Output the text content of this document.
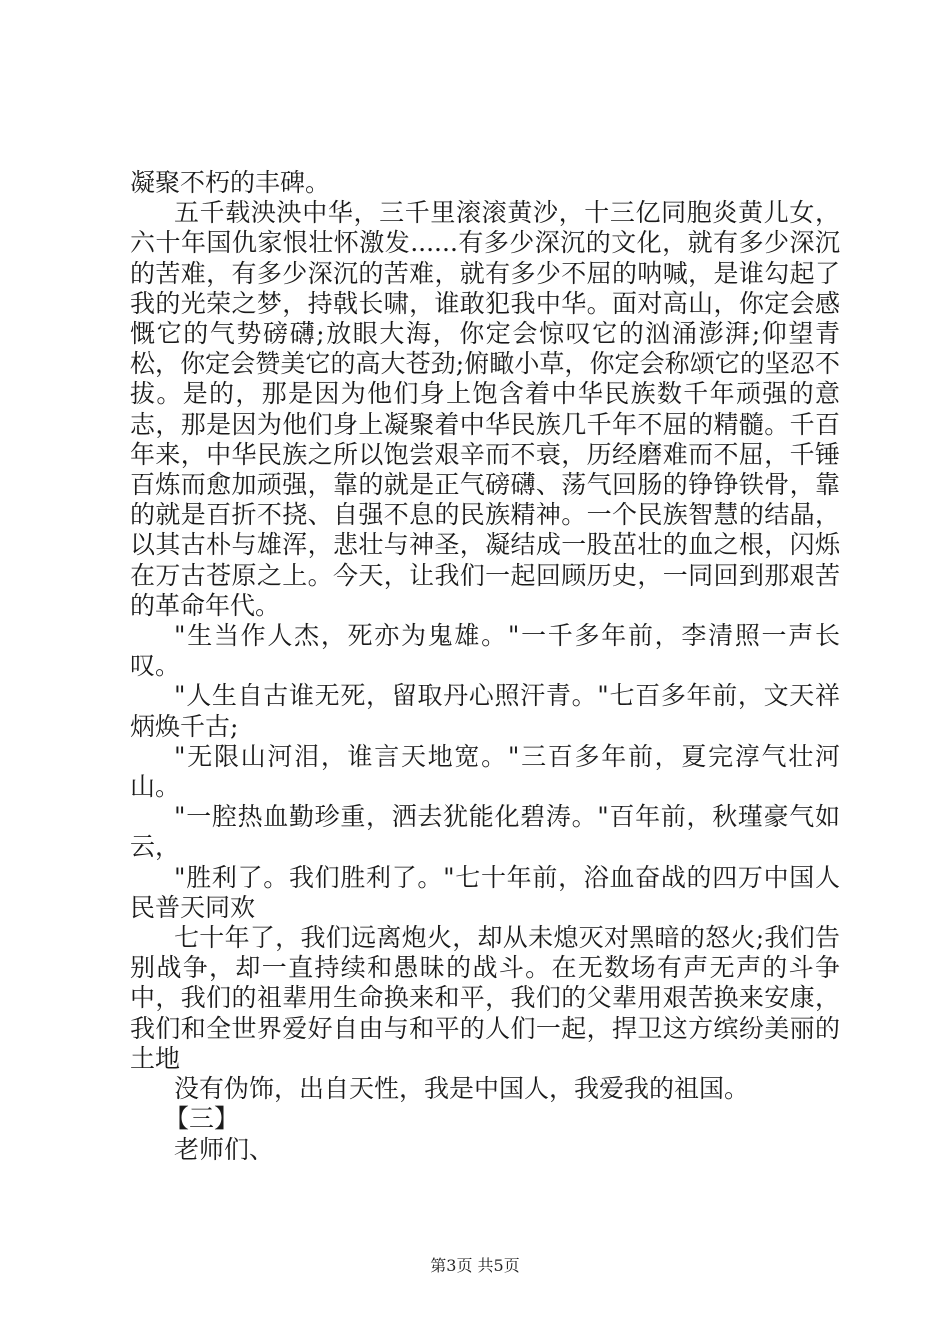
凝聚不朽的丰碑。

五千载泱泱中华，三千里滚滚黄沙，十三亿同胞炎黄儿女，六十年国仇家恨壮怀激发......有多少深沉的文化，就有多少深沉的苦难，有多少深沉的苦难，就有多少不屈的呐喊，是谁勾起了我的光荣之梦，持戟长啸，谁敢犯我中华。面对高山，你定会感慨它的气势磅礴;放眼大海，你定会惊叹它的汹涌澎湃;仰望青松，你定会赞美它的高大苍劲;俯瞰小草，你定会称颂它的坚忍不拔。是的，那是因为他们身上饱含着中华民族数千年顽强的意志，那是因为他们身上凝聚着中华民族几千年不屈的精髓。千百年来，中华民族之所以饱尝艰辛而不衰，历经磨难而不屈，千锤百炼而愈加顽强，靠的就是正气磅礴、荡气回肠的铮铮铁骨，靠的就是百折不挠、自强不息的民族精神。一个民族智慧的结晶，以其古朴与雄浑，悲壮与神圣，凝结成一股茁壮的血之根，闪烁在万古苍原之上。今天，让我们一起回顾历史，一同回到那艰苦的革命年代。

"生当作人杰，死亦为鬼雄。"一千多年前，李清照一声长叹。

"人生自古谁无死，留取丹心照汗青。"七百多年前，文天祥炳焕千古;

"无限山河泪，谁言天地宽。"三百多年前，夏完淳气壮河山。

"一腔热血勤珍重，洒去犹能化碧涛。"百年前，秋瑾豪气如云，

"胜利了。我们胜利了。"七十年前，浴血奋战的四万中国人民普天同欢

七十年了，我们远离炮火，却从未熄灭对黑暗的怒火;我们告别战争，却一直持续和愚昧的战斗。在无数场有声无声的斗争中，我们的祖辈用生命换来和平，我们的父辈用艰苦换来安康，我们和全世界爱好自由与和平的人们一起，捍卫这方缤纷美丽的土地

没有伪饰，出自天性，我是中国人，我爱我的祖国。

【三】

老师们、

第3页 共5页
